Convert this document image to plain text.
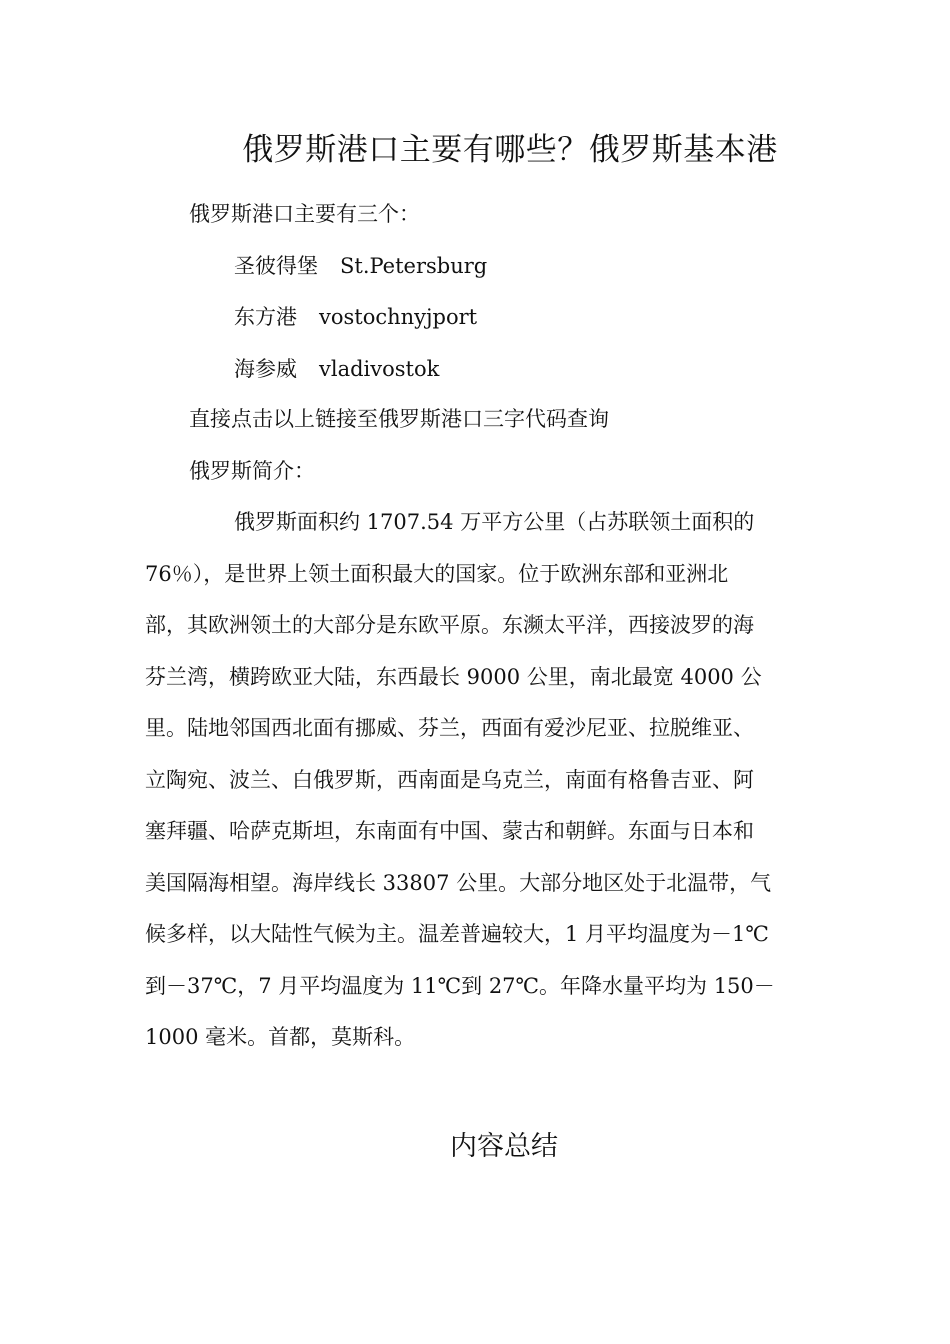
俄罗斯港口主要有哪些？俄罗斯基本港
俄罗斯港口主要有三个：
圣彼得堡 St.Petersburg
东方港 vostochnyjport
海参威 vladivostok
直接点击以上链接至俄罗斯港口三字代码查询
俄罗斯简介：
俄罗斯面积约 1707.54 万平方公里（占苏联领土面积的
76％），是世界上领土面积最大的国家。位于欧洲东部和亚洲北
部，其欧洲领土的大部分是东欧平原。东濒太平洋，西接波罗的海
芬兰湾，横跨欧亚大陆，东西最长 9000 公里，南北最宽 4000 公
里。陆地邻国西北面有挪威、芬兰，西面有爱沙尼亚、拉脱维亚、
立陶宛、波兰、白俄罗斯，西南面是乌克兰，南面有格鲁吉亚、阿
塞拜疆、哈萨克斯坦，东南面有中国、蒙古和朝鲜。东面与日本和
美国隔海相望。海岸线长 33807 公里。大部分地区处于北温带，气
候多样，以大陆性气候为主。温差普遍较大，1 月平均温度为－1℃
到－37℃，7 月平均温度为 11℃到 27℃。年降水量平均为 150－
1000 毫米。首都，莫斯科。
内容总结
